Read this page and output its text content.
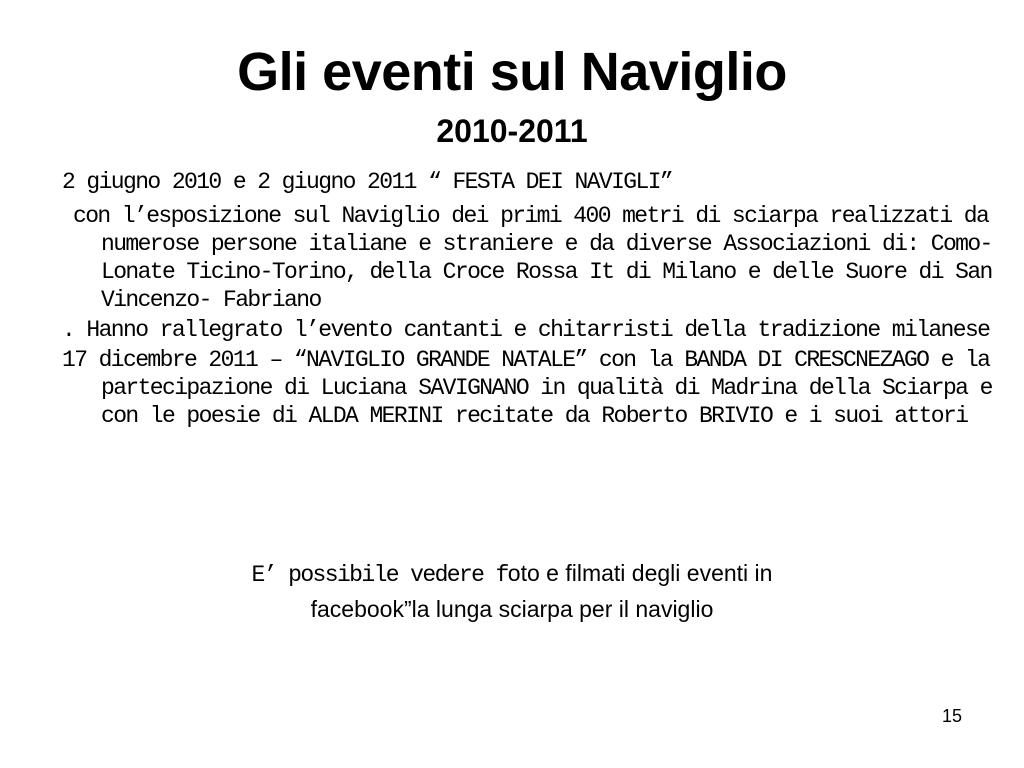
Gli eventi sul Naviglio
2010-2011

2 giugno 2010 e 2 giugno 2011 “ FESTA DEI NAVIGLI”

con l’esposizione sul Naviglio dei primi 400 metri di sciarpa realizzati da numerose persone italiane e straniere e da diverse Associazioni di: Como- Lonate Ticino-Torino, della Croce Rossa It di Milano e delle Suore di San Vincenzo- Fabriano

. Hanno rallegrato l’evento cantanti e chitarristi della tradizione milanese

17 dicembre 2011 – “NAVIGLIO GRANDE NATALE” con la BANDA DI CRESCNEZAGO e la partecipazione di Luciana SAVIGNANO in qualità di Madrina della Sciarpa e con le poesie di ALDA MERINI recitate da Roberto BRIVIO e i suoi attori

E’ possibile vedere foto e filmati degli eventi in
facebook”la lunga sciarpa per il naviglio
15
